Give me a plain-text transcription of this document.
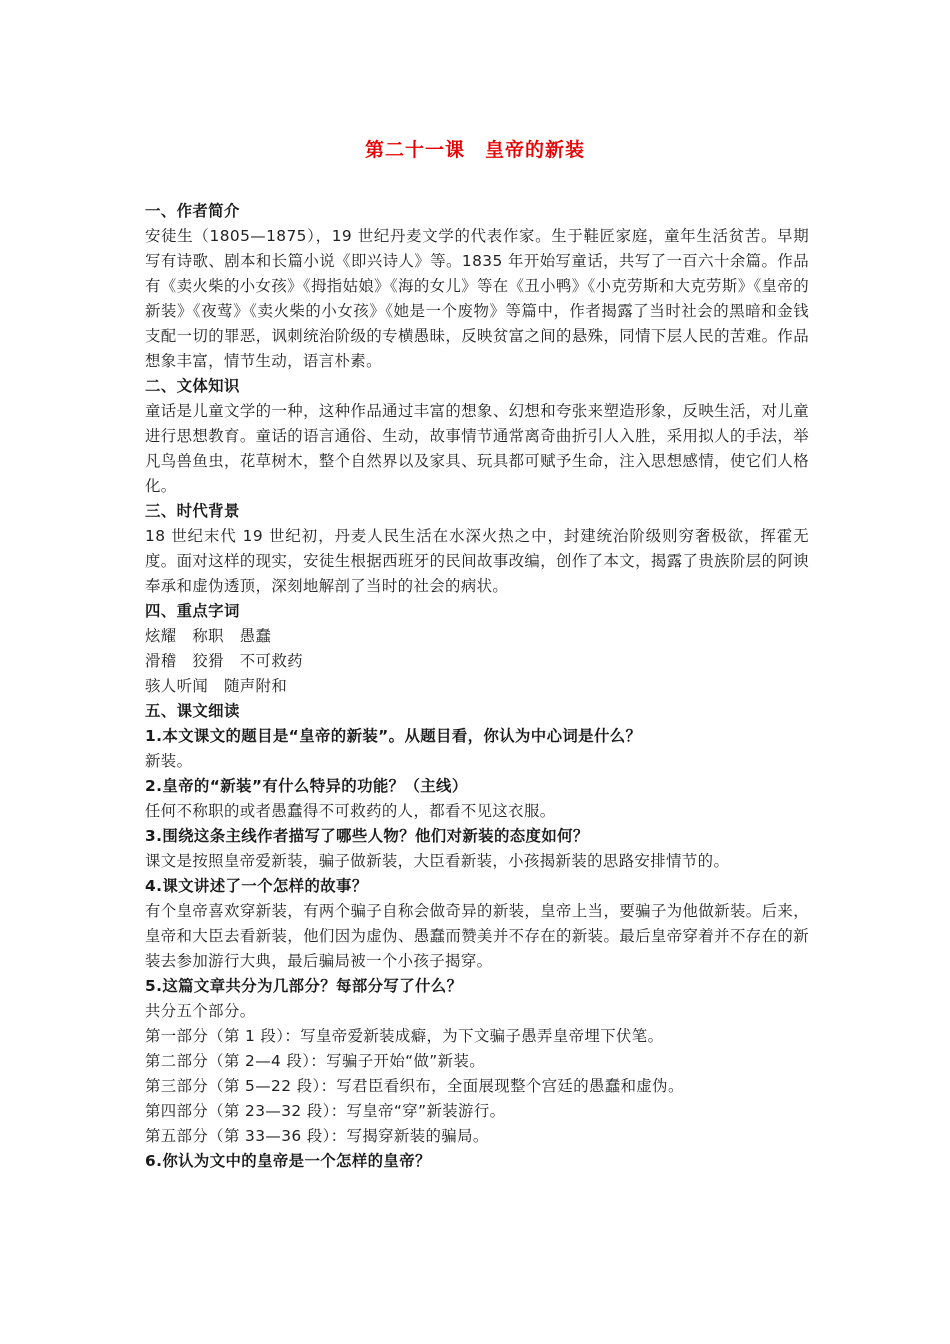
第二十一课　皇帝的新装
一、作者简介
安徒生（1805—1875），19 世纪丹麦文学的代表作家。生于鞋匠家庭，童年生活贫苦。早期写有诗歌、剧本和长篇小说《即兴诗人》等。1835 年开始写童话，共写了一百六十余篇。作品有《卖火柴的小女孩》《拇指姑娘》《海的女儿》等在《丑小鸭》《小克劳斯和大克劳斯》《皇帝的新装》《夜莺》《卖火柴的小女孩》《她是一个废物》等篇中，作者揭露了当时社会的黑暗和金钱支配一切的罪恶，讽刺统治阶级的专横愚昧，反映贫富之间的悬殊，同情下层人民的苦难。作品想象丰富，情节生动，语言朴素。
二、文体知识
童话是儿童文学的一种，这种作品通过丰富的想象、幻想和夸张来塑造形象，反映生活，对儿童进行思想教育。童话的语言通俗、生动，故事情节通常离奇曲折引人入胜，采用拟人的手法，举凡鸟兽鱼虫，花草树木，整个自然界以及家具、玩具都可赋予生命，注入思想感情，使它们人格化。
三、时代背景
18 世纪末代 19 世纪初，丹麦人民生活在水深火热之中，封建统治阶级则穷奢极欲，挥霍无度。面对这样的现实，安徒生根据西班牙的民间故事改编，创作了本文，揭露了贵族阶层的阿谀奉承和虚伪透顶，深刻地解剖了当时的社会的病状。
四、重点字词
炫耀　称职　愚蠢
滑稽　狡猾　不可救药
骇人听闻　随声附和
五、课文细读
1.本文课文的题目是“皇帝的新装”。从题目看，你认为中心词是什么？
新装。
2.皇帝的“新装”有什么特异的功能？（主线）
任何不称职的或者愚蠢得不可救药的人，都看不见这衣服。
3.围绕这条主线作者描写了哪些人物？他们对新装的态度如何？
课文是按照皇帝爱新装，骗子做新装，大臣看新装，小孩揭新装的思路安排情节的。
4.课文讲述了一个怎样的故事？
有个皇帝喜欢穿新装，有两个骗子自称会做奇异的新装，皇帝上当，要骗子为他做新装。后来，皇帝和大臣去看新装，他们因为虚伪、愚蠢而赞美并不存在的新装。最后皇帝穿着并不存在的新装去参加游行大典，最后骗局被一个小孩子揭穿。
5.这篇文章共分为几部分？每部分写了什么？
共分五个部分。
第一部分（第 1 段）：写皇帝爱新装成癖，为下文骗子愚弄皇帝埋下伏笔。
第二部分（第 2—4 段）：写骗子开始“做”新装。
第三部分（第 5—22 段）：写君臣看织布，全面展现整个宫廷的愚蠢和虚伪。
第四部分（第 23—32 段）：写皇帝“穿”新装游行。
第五部分（第 33—36 段）：写揭穿新装的骗局。
6.你认为文中的皇帝是一个怎样的皇帝？
